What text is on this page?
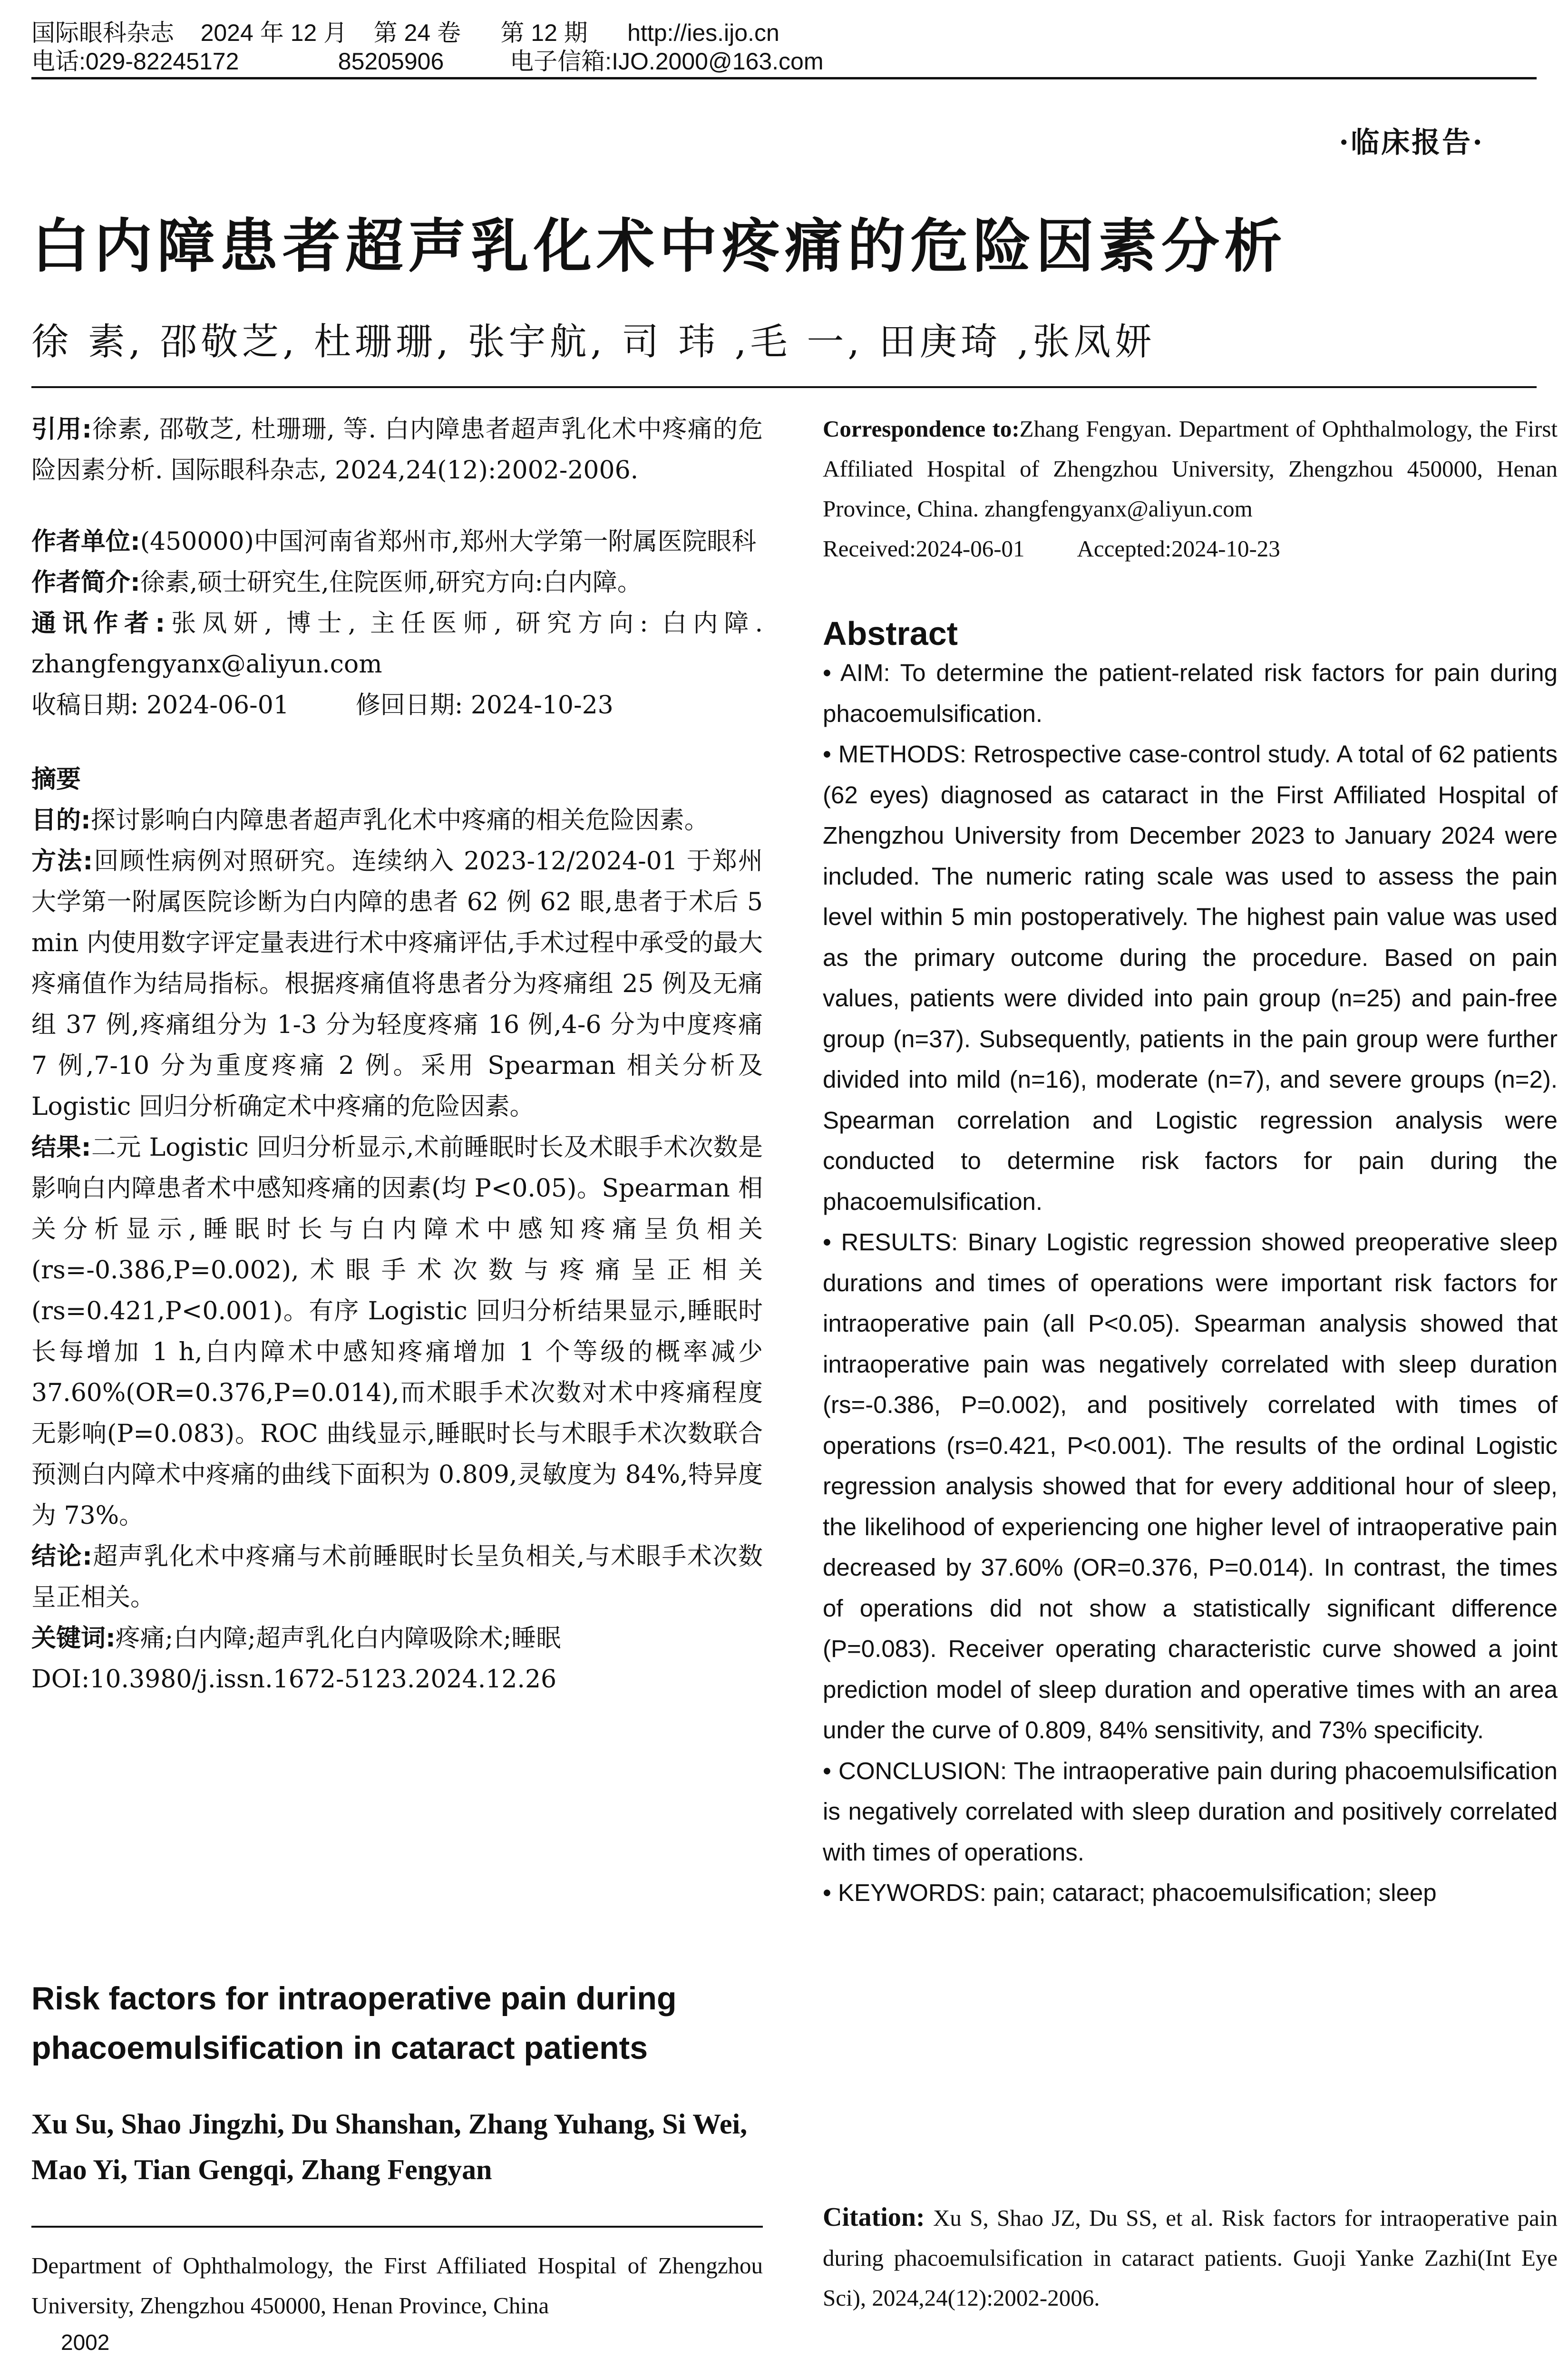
国际眼科杂志    2024 年 12 月    第 24 卷      第 12 期      http://ies.ijo.cn
电话:029-82245172               85205906          电子信箱:IJO.2000@163.com
·临床报告·
白内障患者超声乳化术中疼痛的危险因素分析
徐 素, 邵敬芝, 杜珊珊, 张宇航, 司 玮 ,毛 一, 田庚琦 ,张凤妍

引用:徐素, 邵敬芝, 杜珊珊, 等. 白内障患者超声乳化术中疼痛的危险因素分析. 国际眼科杂志, 2024,24(12):2002-2006.

作者单位:(450000)中国河南省郑州市,郑州大学第一附属医院眼科

作者简介:徐素,硕士研究生,住院医师,研究方向:白内障。

通讯作者:张凤妍, 博士, 主任医师, 研究方向: 白内障. zhangfengyanx@aliyun.com

收稿日期: 2024-06-01	修回日期: 2024-10-23

摘要

目的:探讨影响白内障患者超声乳化术中疼痛的相关危险因素。

方法:回顾性病例对照研究。连续纳入 2023-12/2024-01 于郑州大学第一附属医院诊断为白内障的患者 62 例 62 眼,患者于术后 5 min 内使用数字评定量表进行术中疼痛评估,手术过程中承受的最大疼痛值作为结局指标。根据疼痛值将患者分为疼痛组 25 例及无痛组 37 例,疼痛组分为 1-3 分为轻度疼痛 16 例,4-6 分为中度疼痛 7 例,7-10 分为重度疼痛 2 例。采用 Spearman 相关分析及 Logistic 回归分析确定术中疼痛的危险因素。

结果:二元 Logistic 回归分析显示,术前睡眠时长及术眼手术次数是影响白内障患者术中感知疼痛的因素(均 P<0.05)。Spearman 相关分析显示,睡眠时长与白内障术中感知疼痛呈负相关(rs=-0.386,P=0.002),术眼手术次数与疼痛呈正相关(rs=0.421,P<0.001)。有序 Logistic 回归分析结果显示,睡眠时长每增加 1 h,白内障术中感知疼痛增加 1 个等级的概率减少 37.60%(OR=0.376,P=0.014),而术眼手术次数对术中疼痛程度无影响(P=0.083)。ROC 曲线显示,睡眠时长与术眼手术次数联合预测白内障术中疼痛的曲线下面积为 0.809,灵敏度为 84%,特异度为 73%。

结论:超声乳化术中疼痛与术前睡眠时长呈负相关,与术眼手术次数呈正相关。

关键词:疼痛;白内障;超声乳化白内障吸除术;睡眠

DOI:10.3980/j.issn.1672-5123.2024.12.26

Risk factors for intraoperative pain during phacoemulsification in cataract patients

Xu Su, Shao Jingzhi, Du Shanshan, Zhang Yuhang, Si Wei, Mao Yi, Tian Gengqi, Zhang Fengyan

Department of Ophthalmology, the First Affiliated Hospital of Zhengzhou University, Zhengzhou 450000, Henan Province, China

2002

Correspondence to:Zhang Fengyan. Department of Ophthalmology, the First Affiliated Hospital of Zhengzhou University, Zhengzhou 450000, Henan Province, China. zhangfengyanx@aliyun.com

Received:2024-06-01 Accepted:2024-10-23

Abstract

• AIM: To determine the patient-related risk factors for pain during phacoemulsification.

• METHODS: Retrospective case-control study. A total of 62 patients (62 eyes) diagnosed as cataract in the First Affiliated Hospital of Zhengzhou University from December 2023 to January 2024 were included. The numeric rating scale was used to assess the pain level within 5 min postoperatively. The highest pain value was used as the primary outcome during the procedure. Based on pain values, patients were divided into pain group (n=25) and pain-free group (n=37). Subsequently, patients in the pain group were further divided into mild (n=16), moderate (n=7), and severe groups (n=2). Spearman correlation and Logistic regression analysis were conducted to determine risk factors for pain during the phacoemulsification.

• RESULTS: Binary Logistic regression showed preoperative sleep durations and times of operations were important risk factors for intraoperative pain (all P<0.05). Spearman analysis showed that intraoperative pain was negatively correlated with sleep duration (rs=-0.386, P=0.002), and positively correlated with times of operations (rs=0.421, P<0.001). The results of the ordinal Logistic regression analysis showed that for every additional hour of sleep, the likelihood of experiencing one higher level of intraoperative pain decreased by 37.60% (OR=0.376, P=0.014). In contrast, the times of operations did not show a statistically significant difference (P=0.083). Receiver operating characteristic curve showed a joint prediction model of sleep duration and operative times with an area under the curve of 0.809, 84% sensitivity, and 73% specificity.

• CONCLUSION: The intraoperative pain during phacoemulsification is negatively correlated with sleep duration and positively correlated with times of operations.

• KEYWORDS: pain; cataract; phacoemulsification; sleep

Citation: Xu S, Shao JZ, Du SS, et al. Risk factors for intraoperative pain during phacoemulsification in cataract patients. Guoji Yanke Zazhi(Int Eye Sci), 2024,24(12):2002-2006.
